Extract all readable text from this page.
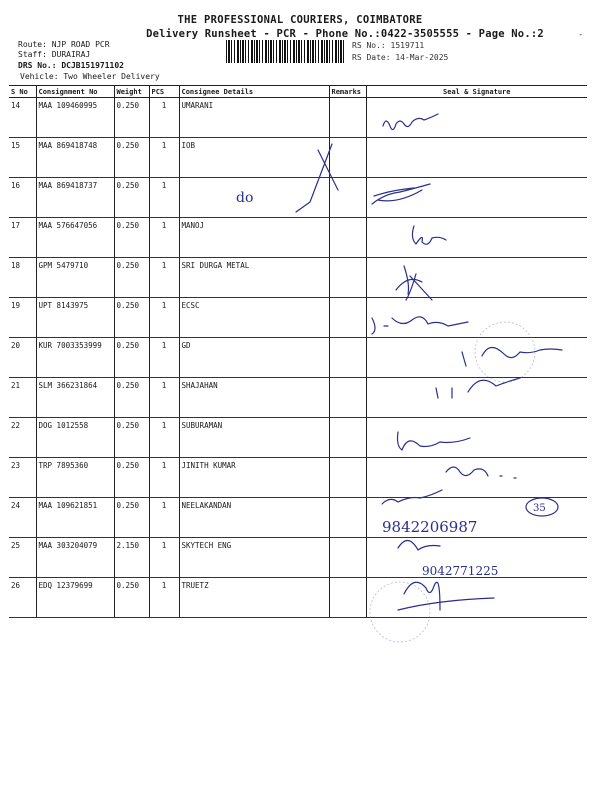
THE PROFESSIONAL COURIERS, COIMBATORE
Delivery Runsheet - PCR - Phone No.:0422-3505555 - Page No.:2
Route: NJP ROAD PCR
Staff: DURAIRAJ
DRS No.: DCJB151971102
Vehicle: Two Wheeler Delivery
RS No.: 1519711
RS Date: 14-Mar-2025
-
S No	Consignment No	Weight	PCS	Consignee Details	Remarks	Seal & Signature
14	MAA 109460995	0.250	1	UMARANI		
15	MAA 869418748	0.250	1	IOB		
16	MAA 869418737	0.250	1			
17	MAA 576647056	0.250	1	MANOJ		
18	GPM 5479710	0.250	1	SRI DURGA METAL		
19	UPT 8143975	0.250	1	ECSC		
20	KUR 7003353999	0.250	1	GD		
21	SLM 366231864	0.250	1	SHAJAHAN		
22	DOG 1012558	0.250	1	SUBURAMAN		
23	TRP 7895360	0.250	1	JINITH KUMAR		
24	MAA 109621851	0.250	1	NEELAKANDAN		
25	MAA 303204079	2.150	1	SKYTECH ENG		
26	EDQ 12379699	0.250	1	TRUETZ		
do
9842206987
9042771225
35
